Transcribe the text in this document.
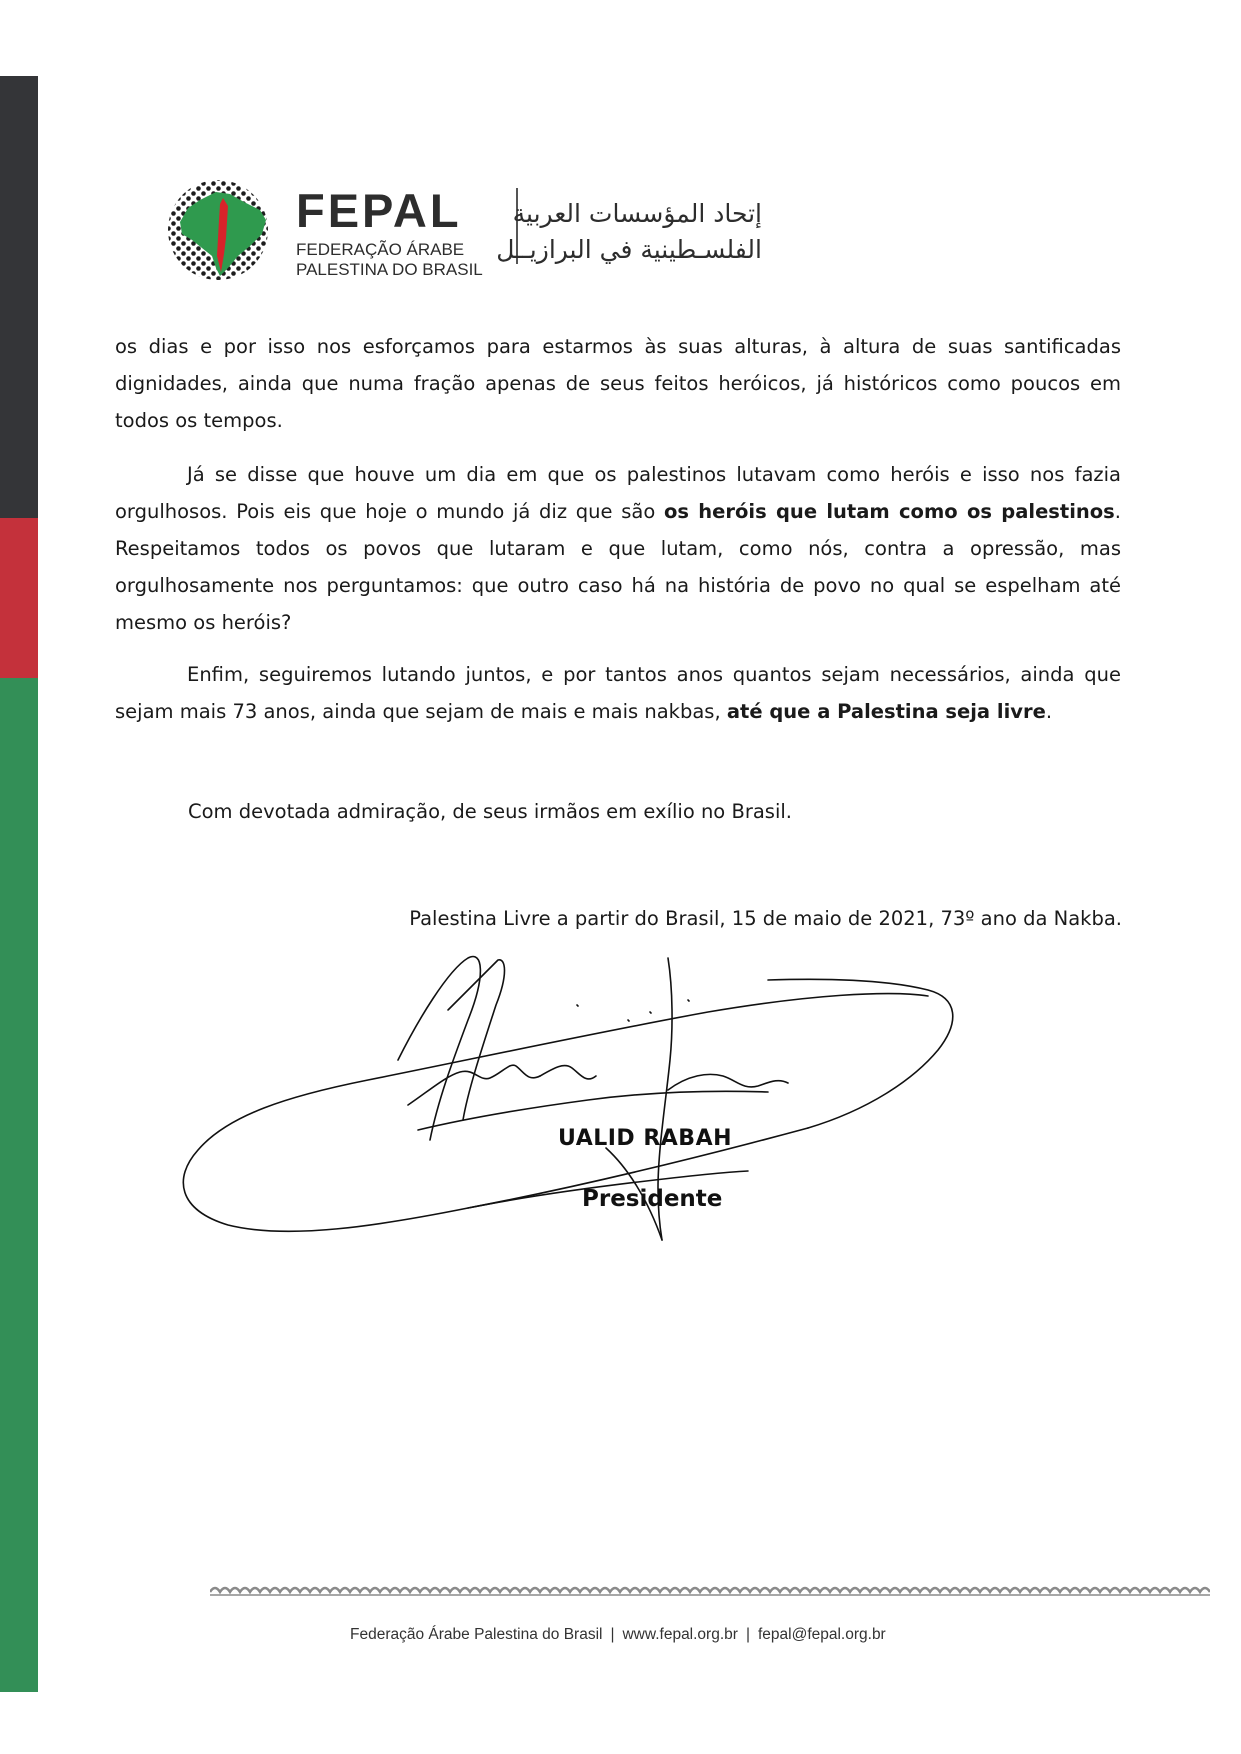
FEPAL
FEDERAÇÃO ÁRABE
PALESTINA DO BRASIL
إتحاد المؤسسات العربية
الفلسـطينية في البرازيــل

os dias e por isso nos esforçamos para estarmos às suas alturas, à altura de suas santificadas dignidades, ainda que numa fração apenas de seus feitos heróicos, já históricos como poucos em todos os tempos.

Já se disse que houve um dia em que os palestinos lutavam como heróis e isso nos fazia orgulhosos. Pois eis que hoje o mundo já diz que são os heróis que lutam como os palestinos. Respeitamos todos os povos que lutaram e que lutam, como nós, contra a opressão, mas orgulhosamente nos perguntamos: que outro caso há na história de povo no qual se espelham até mesmo os heróis?

Enfim, seguiremos lutando juntos, e por tantos anos quantos sejam necessários, ainda que sejam mais 73 anos, ainda que sejam de mais e mais nakbas, até que a Palestina seja livre.

Com devotada admiração, de seus irmãos em exílio no Brasil.
Palestina Livre a partir do Brasil, 15 de maio de 2021, 73º ano da Nakba.
UALID RABAH
Presidente
Federação Árabe Palestina do Brasil | www.fepal.org.br | fepal@fepal.org.br
